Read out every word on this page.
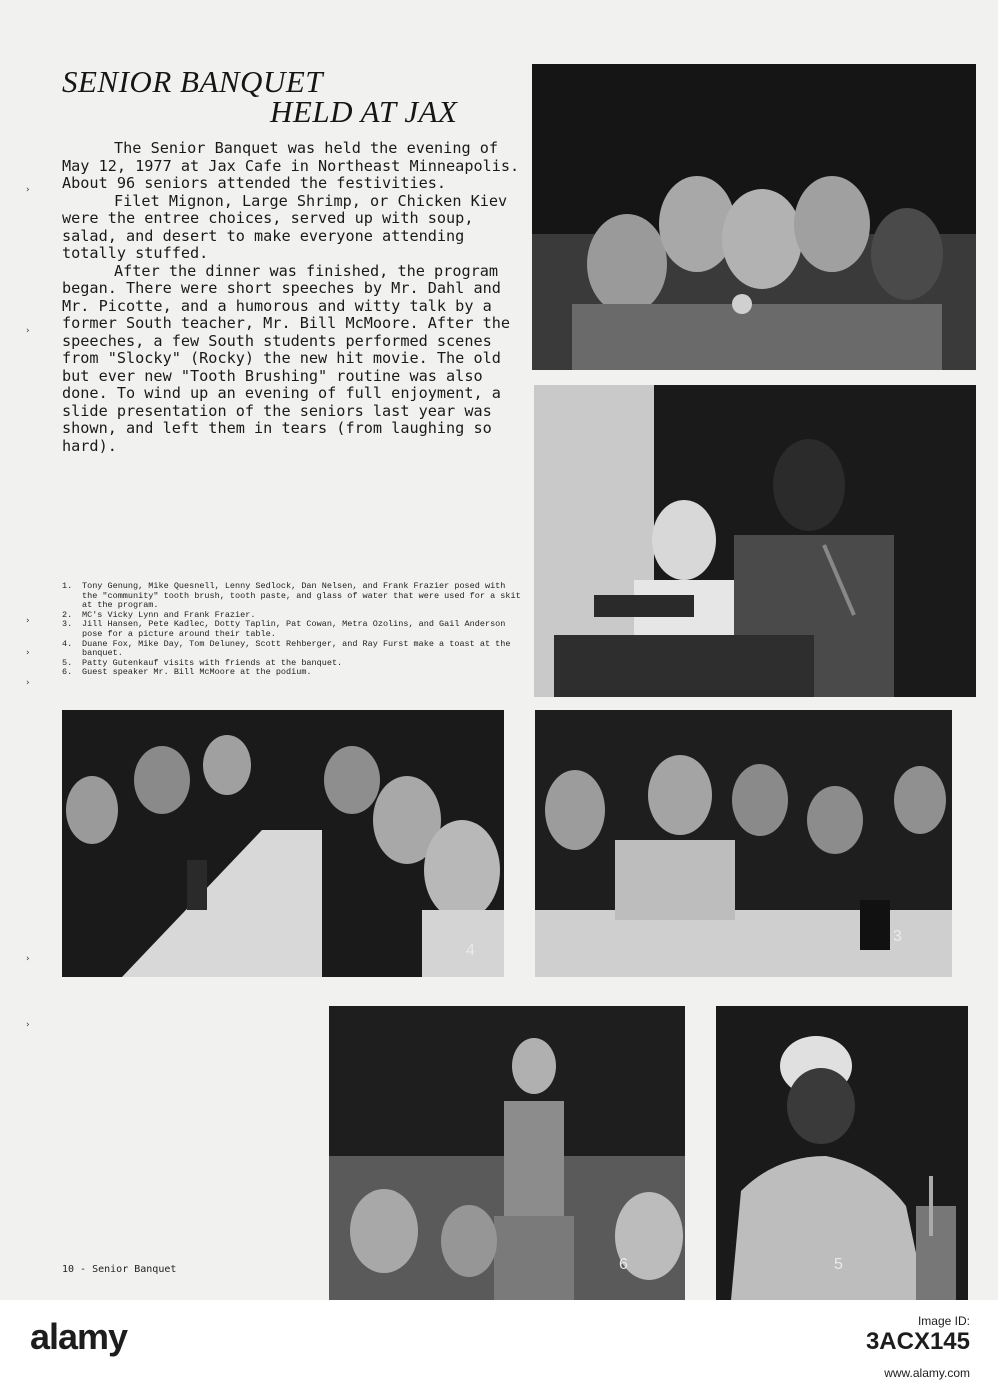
SENIOR BANQUET
HELD AT JAX

The Senior Banquet was held the evening of May 12, 1977 at Jax Cafe in Northeast Minneapolis. About 96 seniors attended the festivities.

Filet Mignon, Large Shrimp, or Chicken Kiev were the entree choices, served up with soup, salad, and desert to make everyone attending totally stuffed.

After the dinner was finished, the program began. There were short speeches by Mr. Dahl and Mr. Picotte, and a humorous and witty talk by a former South teacher, Mr. Bill McMoore. After the speeches, a few South students performed scenes from "Slocky" (Rocky) the new hit movie. The old but ever new "Tooth Brushing" routine was also done. To wind up an evening of full enjoyment, a slide presentation of the seniors last year was shown, and left them in tears (from laughing so hard).

1.	Tony Genung, Mike Quesnell, Lenny Sedlock, Dan Nelsen, and Frank Frazier posed with the "community" tooth brush, tooth paste, and glass of water that were used for a skit at the program.
2.	MC's Vicky Lynn and Frank Frazier.
3.	Jill Hansen, Pete Kadlec, Dotty Taplin, Pat Cowan, Metra Ozolins, and Gail Anderson pose for a picture around their table.
4.	Duane Fox, Mike Day, Tom Deluney, Scott Rehberger, and Ray Furst make a toast at the banquet.
5.	Patty Gutenkauf visits with friends at the banquet.
6.	Guest speaker Mr. Bill McMoore at the podium.
4
3
6	5
10 - Senior Banquet
›
›
›
›
›
›
›
alamy	Image ID:
3ACX145
www.alamy.com
